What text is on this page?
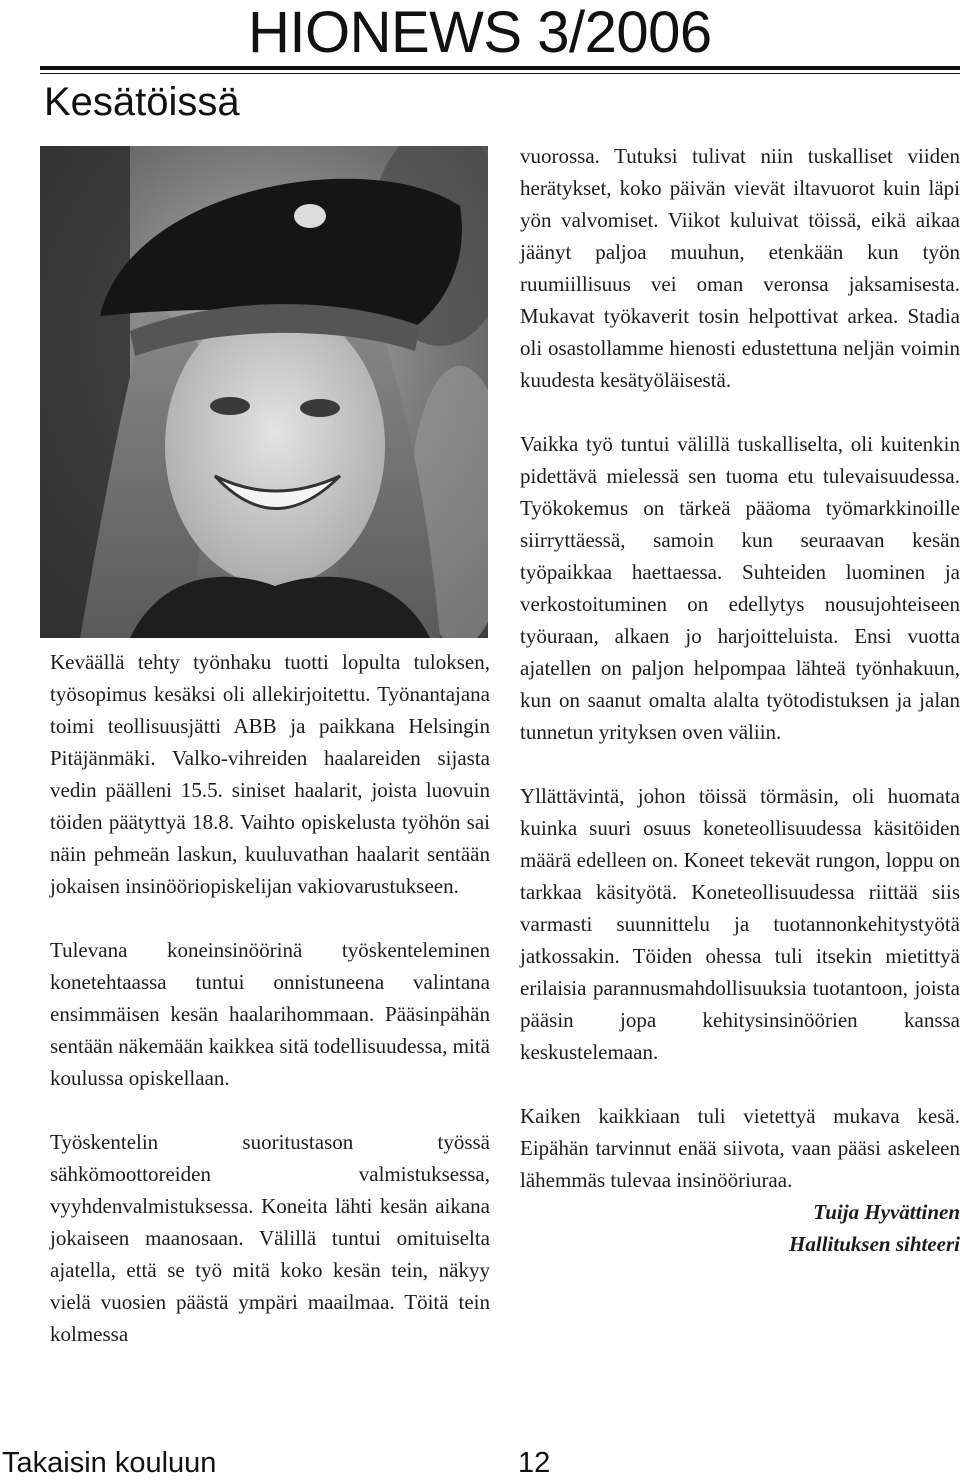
HIONEWS 3/2006
Kesätöissä

Keväällä tehty työnhaku tuotti lopulta tuloksen, työsopimus kesäksi oli allekirjoitettu. Työnantajana toimi teollisuusjätti ABB ja paikkana Helsingin Pitäjänmäki. Valko-vihreiden haalareiden sijasta vedin päälleni 15.5. siniset haalarit, joista luovuin töiden päätyttyä 18.8. Vaihto opiskelusta työhön sai näin pehmeän laskun, kuuluvathan haalarit sentään jokaisen insinööriopiskelijan vakiovarustukseen.

Tulevana koneinsinöörinä työskenteleminen konetehtaassa tuntui onnistuneena valintana ensimmäisen kesän haalarihommaan. Pääsinpähän sentään näkemään kaikkea sitä todellisuudessa, mitä koulussa opiskellaan.

Työskentelin suoritustason työssä sähkömoottoreiden valmistuksessa, vyyhdenvalmistuksessa. Koneita lähti kesän aikana jokaiseen maanosaan. Välillä tuntui omituiselta ajatella, että se työ mitä koko kesän tein, näkyy vielä vuosien päästä ympäri maailmaa. Töitä tein kolmessa

vuorossa. Tutuksi tulivat niin tuskalliset viiden herätykset, koko päivän vievät iltavuorot kuin läpi yön valvomiset. Viikot kuluivat töissä, eikä aikaa jäänyt paljoa muuhun, etenkään kun työn ruumiillisuus vei oman veronsa jaksamisesta. Mukavat työkaverit tosin helpottivat arkea. Stadia oli osastollamme hienosti edustettuna neljän voimin kuudesta kesätyöläisestä.

Vaikka työ tuntui välillä tuskalliselta, oli kuitenkin pidettävä mielessä sen tuoma etu tulevaisuudessa. Työkokemus on tärkeä pääoma työmarkkinoille siirryttäessä, samoin kun seuraavan kesän työpaikkaa haettaessa. Suhteiden luominen ja verkostoituminen on edellytys nousujohteiseen työuraan, alkaen jo harjoitteluista. Ensi vuotta ajatellen on paljon helpompaa lähteä työnhakuun, kun on saanut omalta alalta työtodistuksen ja jalan tunnetun yrityksen oven väliin.

Yllättävintä, johon töissä törmäsin, oli huomata kuinka suuri osuus koneteollisuudessa käsitöiden määrä edelleen on. Koneet tekevät rungon, loppu on tarkkaa käsityötä. Koneteollisuudessa riittää siis varmasti suunnittelu ja tuotannonkehitystyötä jatkossakin. Töiden ohessa tuli itsekin mietittyä erilaisia parannusmahdollisuuksia tuotantoon, joista pääsin jopa kehitysinsinöörien kanssa keskustelemaan.

Kaiken kaikkiaan tuli vietettyä mukava kesä. Eipähän tarvinnut enää siivota, vaan pääsi askeleen lähemmäs tulevaa insinööriuraa.

Tuija Hyvättinen

Hallituksen sihteeri

Takaisin kouluun	12
